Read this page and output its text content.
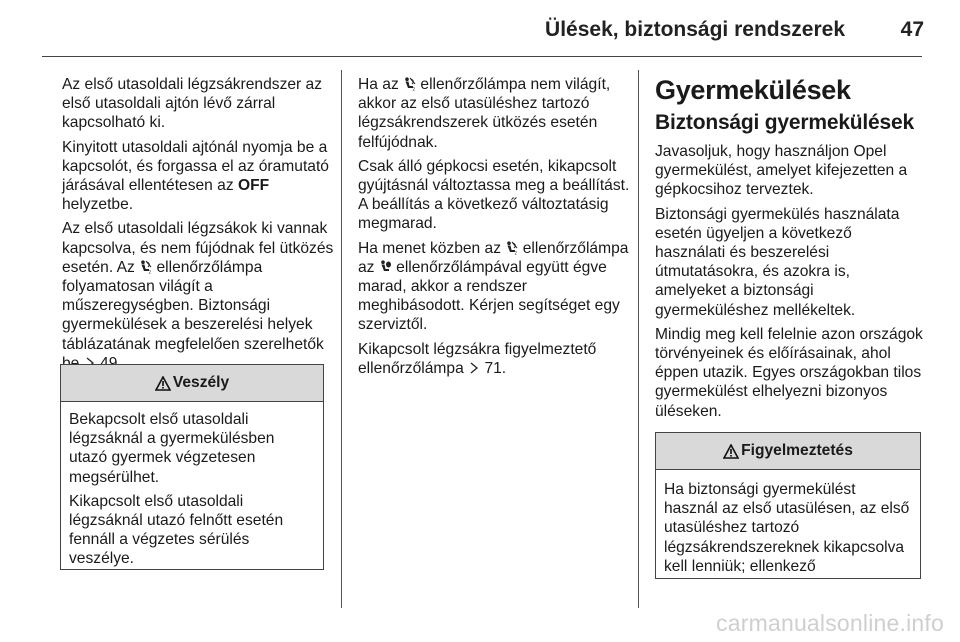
Ülések, biztonsági rendszerek	47

Az első utasoldali légzsákrendszer az első utasoldali ajtón lévő zárral kapcsolható ki.

Kinyitott utasoldali ajtónál nyomja be a kapcsolót, és forgassa el az óramutató járásával ellentétesen az OFF helyzetbe.

Az első utasoldali légzsákok ki vannak kapcsolva, és nem fújódnak fel ütközés esetén. Az 2 ellenőrzőlámpa folyamatosan világít a műszeregységben. Biztonsági gyermekülések a beszerelési helyek táblázatának megfelelően szerelhetők

Veszély

Bekapcsolt első utasoldali légzsáknál a gyermekülésben utazó gyermek végzetesen megsérülhet.

Kikapcsolt első utasoldali légzsáknál utazó felnőtt esetén fennáll a végzetes sérülés veszélye.

Ha az 2 ellenőrzőlámpa nem világít, akkor az első utasüléshez tartozó légzsákrendszerek ütközés esetén felfújódnak.

Csak álló gépkocsi esetén, kikapcsolt gyújtásnál változtassa meg a beállítást. A beállítás a következő változtatásig megmarad.

Ha menet közben az 2 ellenőrzőlámpa az  ellenőrzőlámpával együtt égve marad, akkor a rendszer meghibásodott. Kérjen segítséget egy szerviztől.

Kikapcsolt légzsákra figyelmeztető ellenőrzőlámpa  71.

Gyermekülések
Biztonsági gyermekülések

Javasoljuk, hogy használjon Opel gyermekülést, amelyet kifejezetten a gépkocsihoz terveztek.

Biztonsági gyermekülés használata esetén ügyeljen a következő használati és beszerelési útmutatásokra, és azokra is, amelyeket a biztonsági gyermeküléshez mellékeltek.

Mindig meg kell felelnie azon országok törvényeinek és előírásainak, ahol éppen utazik. Egyes országokban tilos gyermekülést elhelyezni bizonyos üléseken.

Figyelmeztetés

Ha biztonsági gyermekülést használ az első utasülésen, az első utasüléshez tartozó légzsákrendszereknek kikapcsolva kell lenniük; ellenkező

carmanualsonline.info
